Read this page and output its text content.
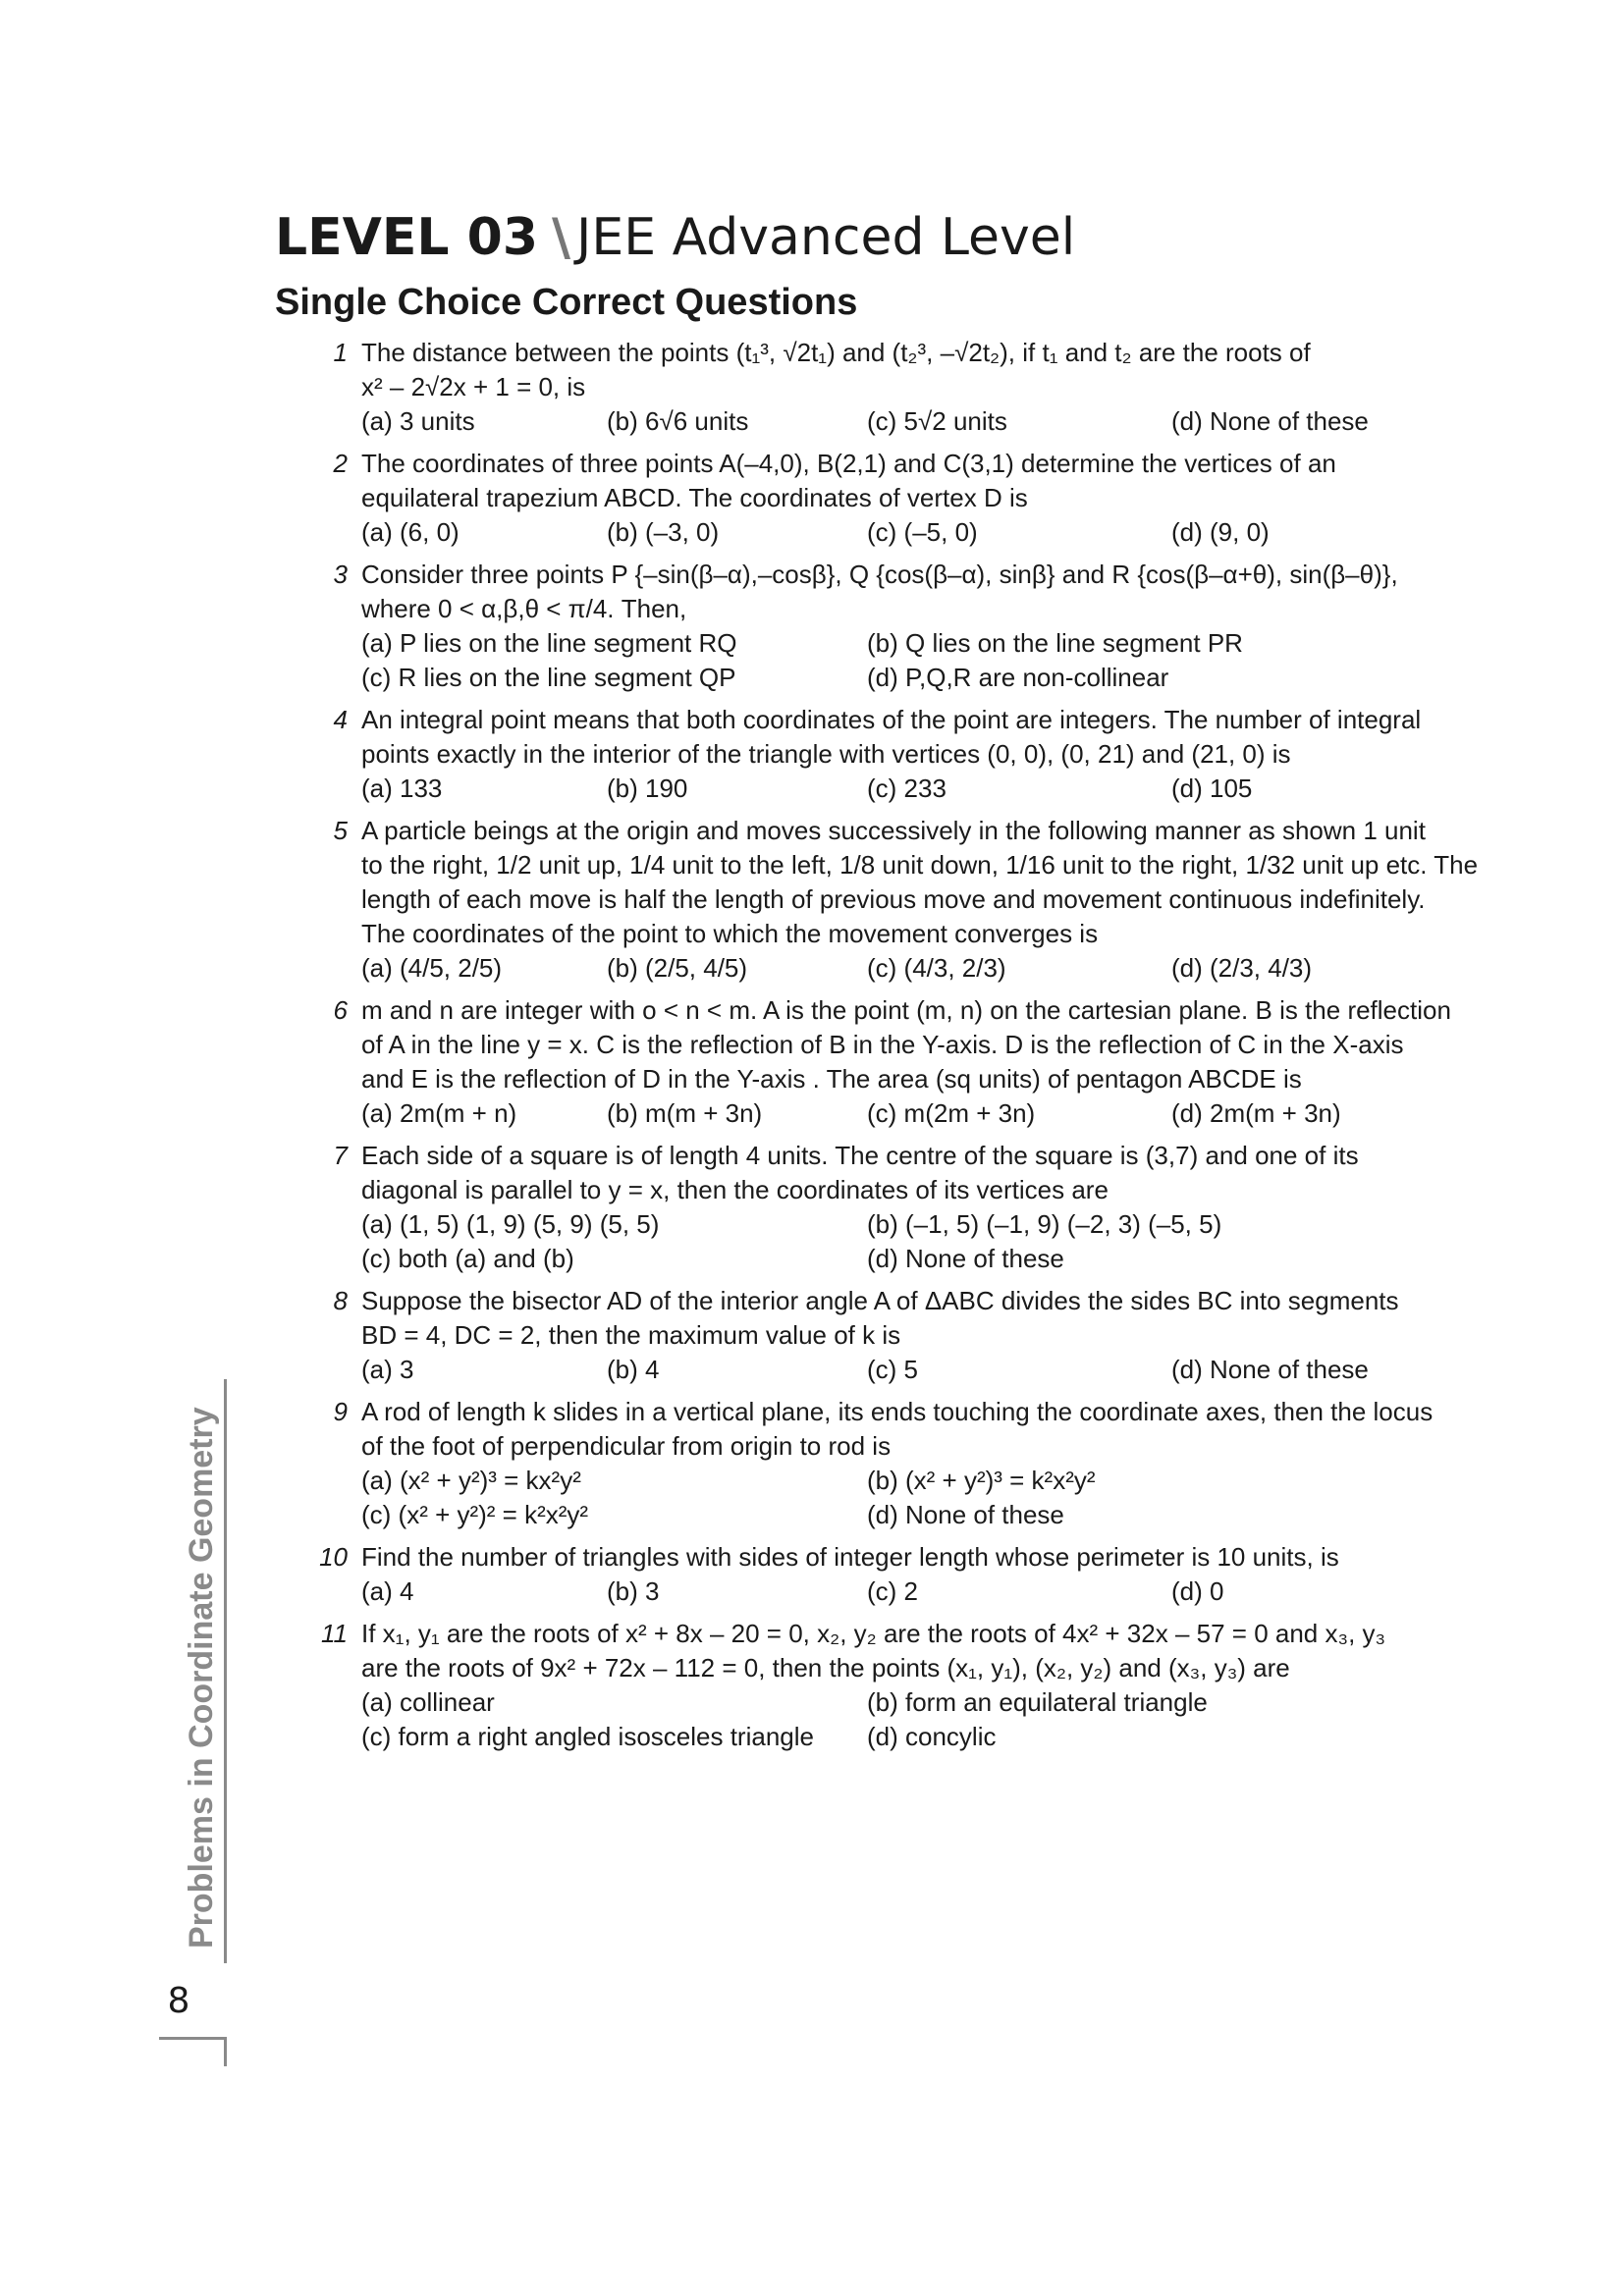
LEVEL 03 \ JEE Advanced Level
Single Choice Correct Questions
1 The distance between the points (t₁³, √2t₁) and (t₂³, –√2t₂), if t₁ and t₂ are the roots of
x² – 2√2x + 1 = 0, is
(a) 3 units	(b) 6√6 units	(c) 5√2 units	(d) None of these
2 The coordinates of three points A(–4,0), B(2,1) and C(3,1) determine the vertices of an
equilateral trapezium ABCD. The coordinates of vertex D is
(a) (6, 0)	(b) (–3, 0)	(c) (–5, 0)	(d) (9, 0)
3 Consider three points P {–sin(β–α),–cosβ}, Q {cos(β–α), sinβ} and R {cos(β–α+θ), sin(β–θ)},
where 0 < α,β,θ < π/4. Then,
(a) P lies on the line segment RQ	(b) Q lies on the line segment PR
(c) R lies on the line segment QP	(d) P,Q,R are non-collinear
4 An integral point means that both coordinates of the point are integers. The number of integral
points exactly in the interior of the triangle with vertices (0, 0), (0, 21) and (21, 0) is
(a) 133	(b) 190	(c) 233	(d) 105
5 A particle beings at the origin and moves successively in the following manner as shown 1 unit
to the right, 1/2 unit up, 1/4 unit to the left, 1/8 unit down, 1/16 unit to the right, 1/32 unit up etc. The
length of each move is half the length of previous move and movement continuous indefinitely.
The coordinates of the point to which the movement converges is
(a) (4/5, 2/5)	(b) (2/5, 4/5)	(c) (4/3, 2/3)	(d) (2/3, 4/3)
6 m and n are integer with o < n < m. A is the point (m, n) on the cartesian plane. B is the reflection
of A in the line y = x. C is the reflection of B in the Y-axis. D is the reflection of C in the X-axis
and E is the reflection of D in the Y-axis . The area (sq units) of pentagon ABCDE is
(a) 2m(m + n)	(b) m(m + 3n)	(c) m(2m + 3n)	(d) 2m(m + 3n)
7 Each side of a square is of length 4 units. The centre of the square is (3,7) and one of its
diagonal is parallel to y = x, then the coordinates of its vertices are
(a) (1, 5) (1, 9) (5, 9) (5, 5)	(b) (–1, 5) (–1, 9) (–2, 3) (–5, 5)
(c) both (a) and (b)	(d) None of these
8 Suppose the bisector AD of the interior angle A of ΔABC divides the sides BC into segments
BD = 4, DC = 2, then the maximum value of k is
(a) 3	(b) 4	(c) 5	(d) None of these
9 A rod of length k slides in a vertical plane, its ends touching the coordinate axes, then the locus
of the foot of perpendicular from origin to rod is
(a) (x² + y²)³ = kx²y²	(b) (x² + y²)³ = k²x²y²
(c) (x² + y²)² = k²x²y²	(d) None of these
10 Find the number of triangles with sides of integer length whose perimeter is 10 units, is
(a) 4	(b) 3	(c) 2	(d) 0
11 If x₁, y₁ are the roots of x² + 8x – 20 = 0, x₂, y₂ are the roots of 4x² + 32x – 57 = 0 and x₃, y₃
are the roots of 9x² + 72x – 112 = 0, then the points (x₁, y₁), (x₂, y₂) and (x₃, y₃) are
(a) collinear	(b) form an equilateral triangle
(c) form a right angled isosceles triangle	(d) concylic
Problems in Coordinate Geometry
8
